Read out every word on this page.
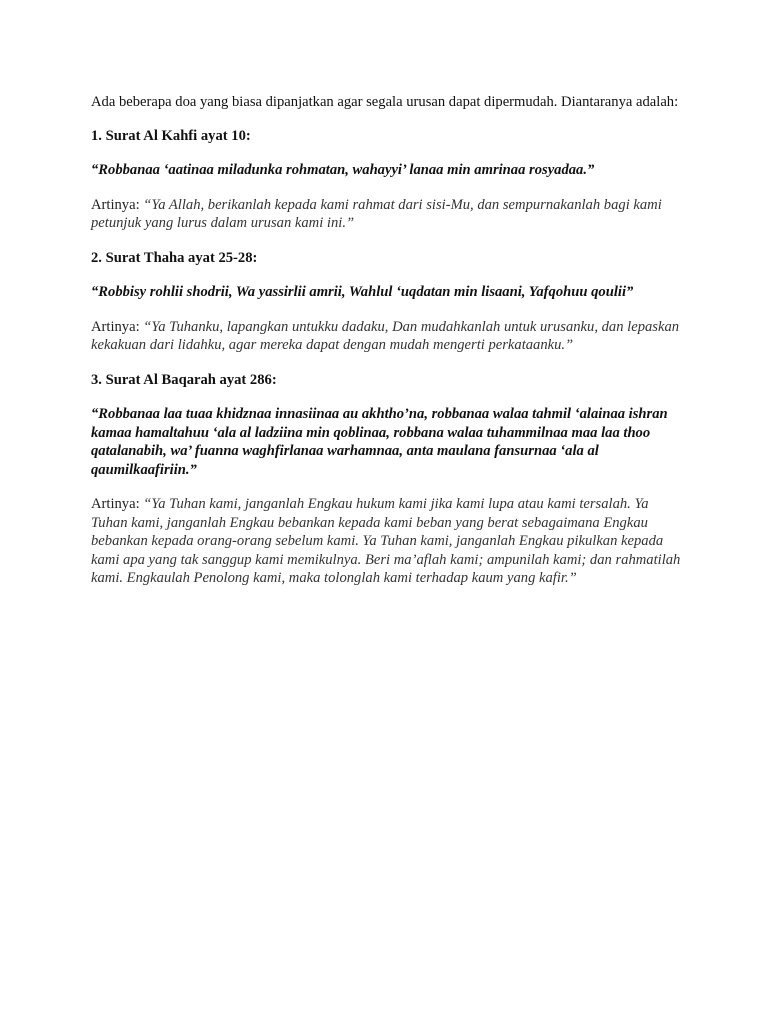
Ada beberapa doa yang biasa dipanjatkan agar segala urusan dapat dipermudah. Diantaranya adalah:

1. Surat Al Kahfi ayat 10:

“Robbanaa ‘aatinaa miladunka rohmatan, wahayyi’ lanaa min amrinaa rosyadaa.”

Artinya: “Ya Allah, berikanlah kepada kami rahmat dari sisi-Mu, dan sempurnakanlah bagi kami petunjuk yang lurus dalam urusan kami ini.”

2. Surat Thaha ayat 25-28:

“Robbisy rohlii shodrii, Wa yassirlii amrii, Wahlul ‘uqdatan min lisaani, Yafqohuu qoulii”

Artinya: “Ya Tuhanku, lapangkan untukku dadaku, Dan mudahkanlah untuk urusanku, dan lepaskan kekakuan dari lidahku, agar mereka dapat dengan mudah mengerti perkataanku.”

3. Surat Al Baqarah ayat 286:

“Robbanaa laa tuaa khidznaa innasiinaa au akhtho’na, robbanaa walaa tahmil ‘alainaa ishran kamaa hamaltahuu ‘ala al ladziina min qoblinaa, robbana walaa tuhammilnaa maa laa thoo qatalanabih, wa’ fuanna waghfirlanaa warhamnaa, anta maulana fansurnaa ‘ala al qaumilkaafiriin.”

Artinya: “Ya Tuhan kami, janganlah Engkau hukum kami jika kami lupa atau kami tersalah. Ya Tuhan kami, janganlah Engkau bebankan kepada kami beban yang berat sebagaimana Engkau bebankan kepada orang-orang sebelum kami. Ya Tuhan kami, janganlah Engkau pikulkan kepada kami apa yang tak sanggup kami memikulnya. Beri ma’aflah kami; ampunilah kami; dan rahmatilah kami. Engkaulah Penolong kami, maka tolonglah kami terhadap kaum yang kafir.”
